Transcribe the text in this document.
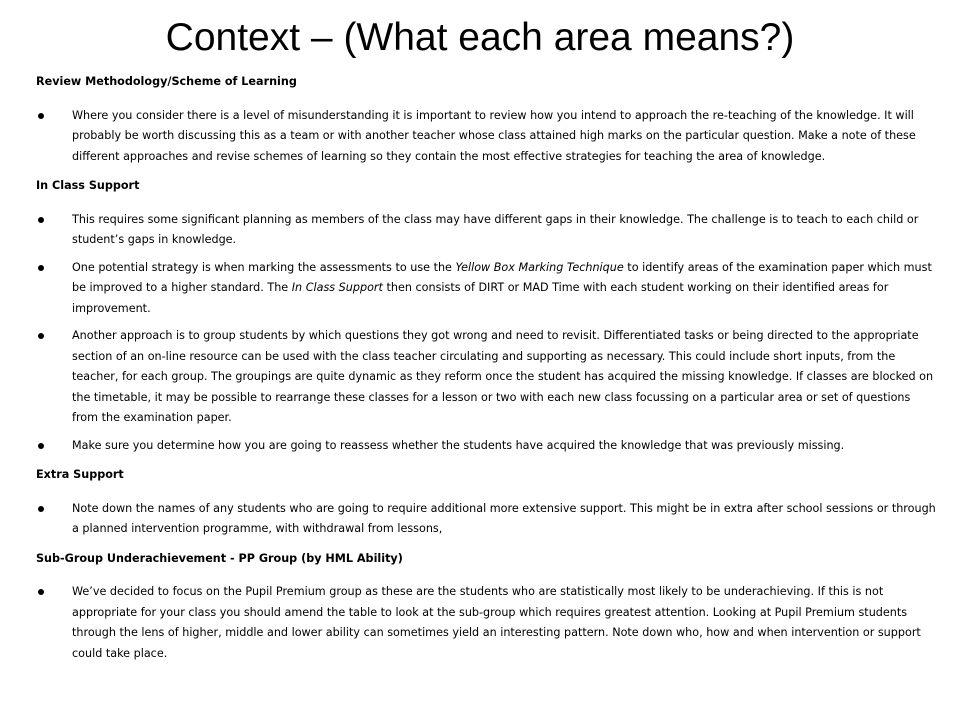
Context – (What each area means?)

Review Methodology/Scheme of Learning

Where you consider there is a level of misunderstanding it is important to review how you intend to approach the re-teaching of the knowledge. It will probably be worth discussing this as a team or with another teacher whose class attained high marks on the particular question. Make a note of these different approaches and revise schemes of learning so they contain the most effective strategies for teaching the area of knowledge.

In Class Support

This requires some significant planning as members of the class may have different gaps in their knowledge. The challenge is to teach to each child or student’s gaps in knowledge.
One potential strategy is when marking the assessments to use the Yellow Box Marking Technique to identify areas of the examination paper which must be improved to a higher standard. The In Class Support then consists of DIRT or MAD Time with each student working on their identified areas for improvement.
Another approach is to group students by which questions they got wrong and need to revisit. Differentiated tasks or being directed to the appropriate section of an on-line resource can be used with the class teacher circulating and supporting as necessary. This could include short inputs, from the teacher, for each group. The groupings are quite dynamic as they reform once the student has acquired the missing knowledge. If classes are blocked on the timetable, it may be possible to rearrange these classes for a lesson or two with each new class focussing on a particular area or set of questions from the examination paper.
Make sure you determine how you are going to reassess whether the students have acquired the knowledge that was previously missing.

Extra Support

Note down the names of any students who are going to require additional more extensive support. This might be in extra after school sessions or through a planned intervention programme, with withdrawal from lessons,

Sub-Group Underachievement - PP Group (by HML Ability)

We’ve decided to focus on the Pupil Premium group as these are the students who are statistically most likely to be underachieving. If this is not appropriate for your class you should amend the table to look at the sub-group which requires greatest attention. Looking at Pupil Premium students through the lens of higher, middle and lower ability can sometimes yield an interesting pattern. Note down who, how and when intervention or support could take place.
